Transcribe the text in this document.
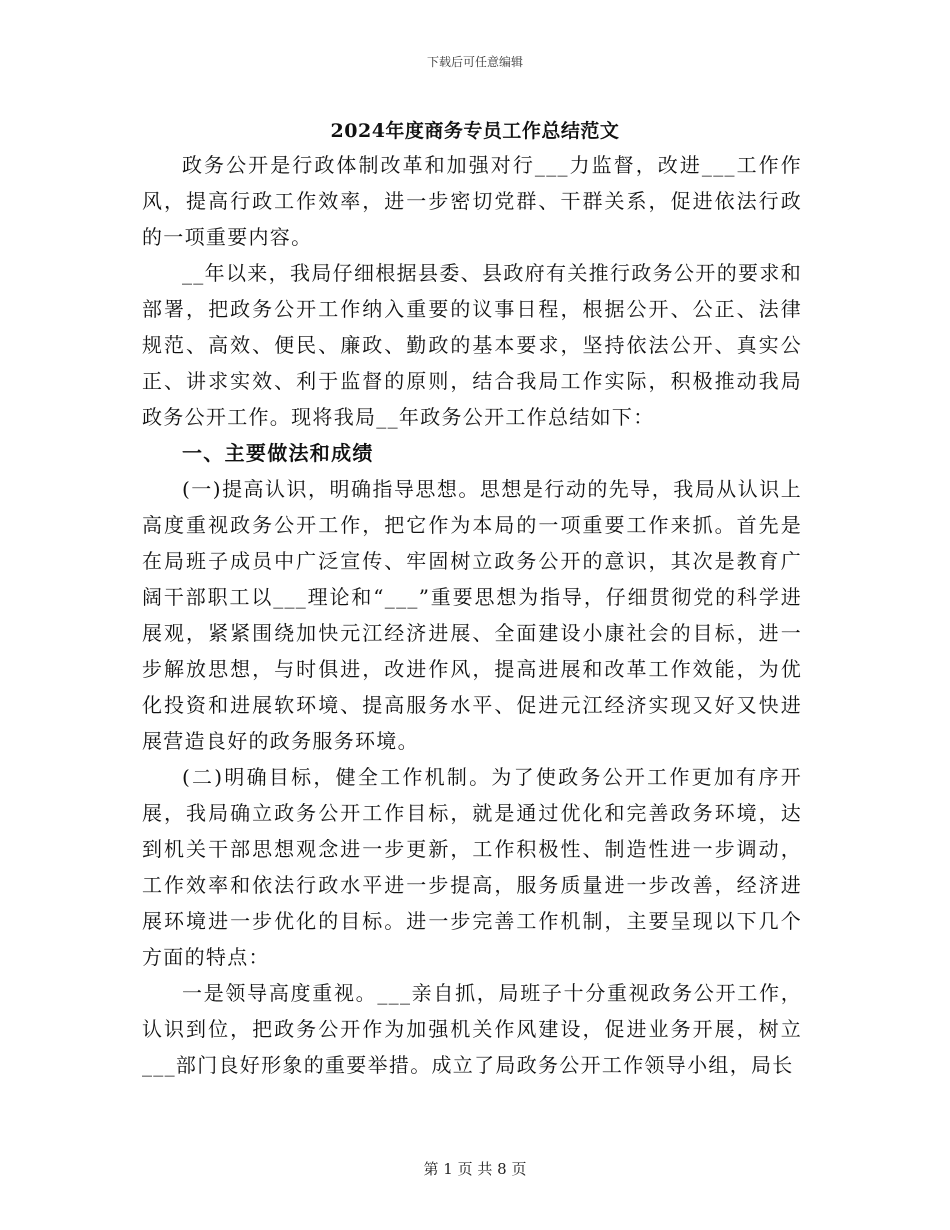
下载后可任意编辑
2024年度商务专员工作总结范文

政务公开是行政体制改革和加强对行___力监督，改进___工作作风，提高行政工作效率，进一步密切党群、干群关系，促进依法行政的一项重要内容。

__年以来，我局仔细根据县委、县政府有关推行政务公开的要求和部署，把政务公开工作纳入重要的议事日程，根据公开、公正、法律规范、高效、便民、廉政、勤政的基本要求，坚持依法公开、真实公正、讲求实效、利于监督的原则，结合我局工作实际，积极推动我局政务公开工作。现将我局__年政务公开工作总结如下：

一、主要做法和成绩

(一)提高认识，明确指导思想。思想是行动的先导，我局从认识上高度重视政务公开工作，把它作为本局的一项重要工作来抓。首先是在局班子成员中广泛宣传、牢固树立政务公开的意识，其次是教育广阔干部职工以___理论和“___”重要思想为指导，仔细贯彻党的科学进展观，紧紧围绕加快元江经济进展、全面建设小康社会的目标，进一步解放思想，与时俱进，改进作风，提高进展和改革工作效能，为优化投资和进展软环境、提高服务水平、促进元江经济实现又好又快进展营造良好的政务服务环境。

(二)明确目标，健全工作机制。为了使政务公开工作更加有序开展，我局确立政务公开工作目标，就是通过优化和完善政务环境，达到机关干部思想观念进一步更新，工作积极性、制造性进一步调动，工作效率和依法行政水平进一步提高，服务质量进一步改善，经济进展环境进一步优化的目标。进一步完善工作机制，主要呈现以下几个方面的特点：

一是领导高度重视。___亲自抓，局班子十分重视政务公开工作，认识到位，把政务公开作为加强机关作风建设，促进业务开展，树立___部门良好形象的重要举措。成立了局政务公开工作领导小组，局长

第 1 页 共 8 页
